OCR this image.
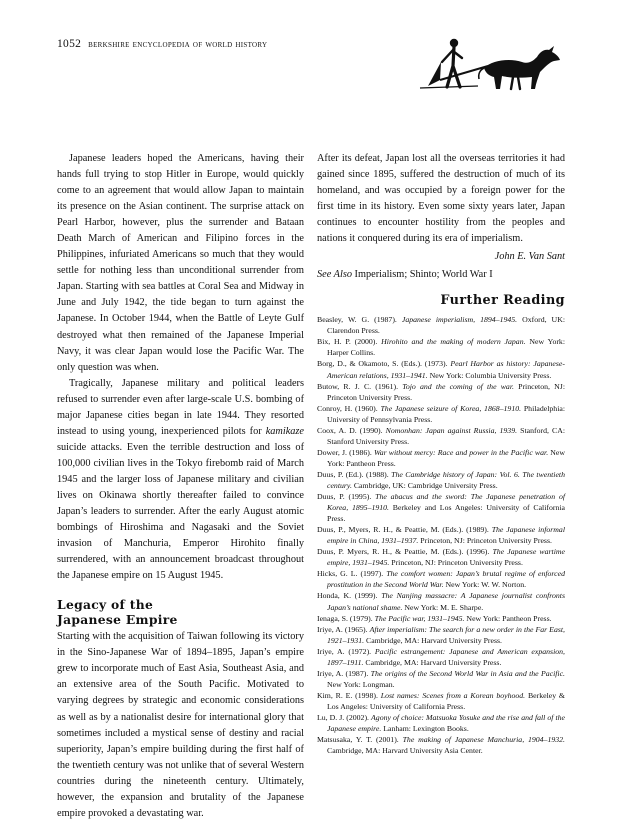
1052 berkshire encyclopedia of world history

Japanese leaders hoped the Americans, having their hands full trying to stop Hitler in Europe, would quickly come to an agreement that would allow Japan to maintain its presence on the Asian continent. The surprise attack on Pearl Harbor, however, plus the surrender and Bataan Death March of American and Filipino forces in the Philippines, infuriated Americans so much that they would settle for nothing less than unconditional surrender from Japan. Starting with sea battles at Coral Sea and Midway in June and July 1942, the tide began to turn against the Japanese. In October 1944, when the Battle of Leyte Gulf destroyed what then remained of the Japanese Imperial Navy, it was clear Japan would lose the Pacific War. The only question was when.

Tragically, Japanese military and political leaders refused to surrender even after large-scale U.S. bombing of major Japanese cities began in late 1944. They resorted instead to using young, inexperienced pilots for kamikaze suicide attacks. Even the terrible destruction and loss of 100,000 civilian lives in the Tokyo firebomb raid of March 1945 and the larger loss of Japanese military and civilian lives on Okinawa shortly thereafter failed to convince Japan’s leaders to surrender. After the early August atomic bombings of Hiroshima and Nagasaki and the Soviet invasion of Manchuria, Emperor Hirohito finally surrendered, with an announcement broadcast throughout the Japanese empire on 15 August 1945.

Legacy of the
Japanese Empire

Starting with the acquisition of Taiwan following its victory in the Sino-Japanese War of 1894–1895, Japan’s empire grew to incorporate much of East Asia, Southeast Asia, and an extensive area of the South Pacific. Motivated to varying degrees by strategic and economic considerations as well as by a nationalist desire for international glory that sometimes included a mystical sense of destiny and racial superiority, Japan’s empire building during the first half of the twentieth century was not unlike that of several Western countries during the nineteenth century. Ultimately, however, the expansion and brutality of the Japanese empire provoked a devastating war.

After its defeat, Japan lost all the overseas territories it had gained since 1895, suffered the destruction of much of its homeland, and was occupied by a foreign power for the first time in its history. Even some sixty years later, Japan continues to encounter hostility from the peoples and nations it conquered during its era of imperialism.

John E. Van Sant

See Also Imperialism; Shinto; World War I

Further Reading
Beasley, W. G. (1987). Japanese imperialism, 1894–1945. Oxford, UK: Clarendon Press.
Bix, H. P. (2000). Hirohito and the making of modern Japan. New York: Harper Collins.
Borg, D., & Okamoto, S. (Eds.). (1973). Pearl Harbor as history: Japanese-American relations, 1931–1941. New York: Columbia University Press.
Butow, R. J. C. (1961). Tojo and the coming of the war. Princeton, NJ: Princeton University Press.
Conroy, H. (1960). The Japanese seizure of Korea, 1868–1910. Philadelphia: University of Pennsylvania Press.
Coox, A. D. (1990). Nomonhan: Japan against Russia, 1939. Stanford, CA: Stanford University Press.
Dower, J. (1986). War without mercy: Race and power in the Pacific war. New York: Pantheon Press.
Duus, P. (Ed.). (1988). The Cambridge history of Japan: Vol. 6. The twentieth century. Cambridge, UK: Cambridge University Press.
Duus, P. (1995). The abacus and the sword: The Japanese penetration of Korea, 1895–1910. Berkeley and Los Angeles: University of California Press.
Duus, P., Myers, R. H., & Peattie, M. (Eds.). (1989). The Japanese informal empire in China, 1931–1937. Princeton, NJ: Princeton University Press.
Duus, P. Myers, R. H., & Peattie, M. (Eds.). (1996). The Japanese wartime empire, 1931–1945. Princeton, NJ: Princeton University Press.
Hicks, G. L. (1997). The comfort women: Japan’s brutal regime of enforced prostitution in the Second World War. New York: W. W. Norton.
Honda, K. (1999). The Nanjing massacre: A Japanese journalist confronts Japan’s national shame. New York: M. E. Sharpe.
Ienaga, S. (1979). The Pacific war, 1931–1945. New York: Pantheon Press.
Iriye, A. (1965). After imperialism: The search for a new order in the Far East, 1921–1931. Cambridge, MA: Harvard University Press.
Iriye, A. (1972). Pacific estrangement: Japanese and American expansion, 1897–1911. Cambridge, MA: Harvard University Press.
Iriye, A. (1987). The origins of the Second World War in Asia and the Pacific. New York: Longman.
Kim, R. E. (1998). Lost names: Scenes from a Korean boyhood. Berkeley & Los Angeles: University of California Press.
Lu, D. J. (2002). Agony of choice: Matsuoka Yosuke and the rise and fall of the Japanese empire. Lanham: Lexington Books.
Matsusaka, Y. T. (2001). The making of Japanese Manchuria, 1904–1932. Cambridge, MA: Harvard University Asia Center.
